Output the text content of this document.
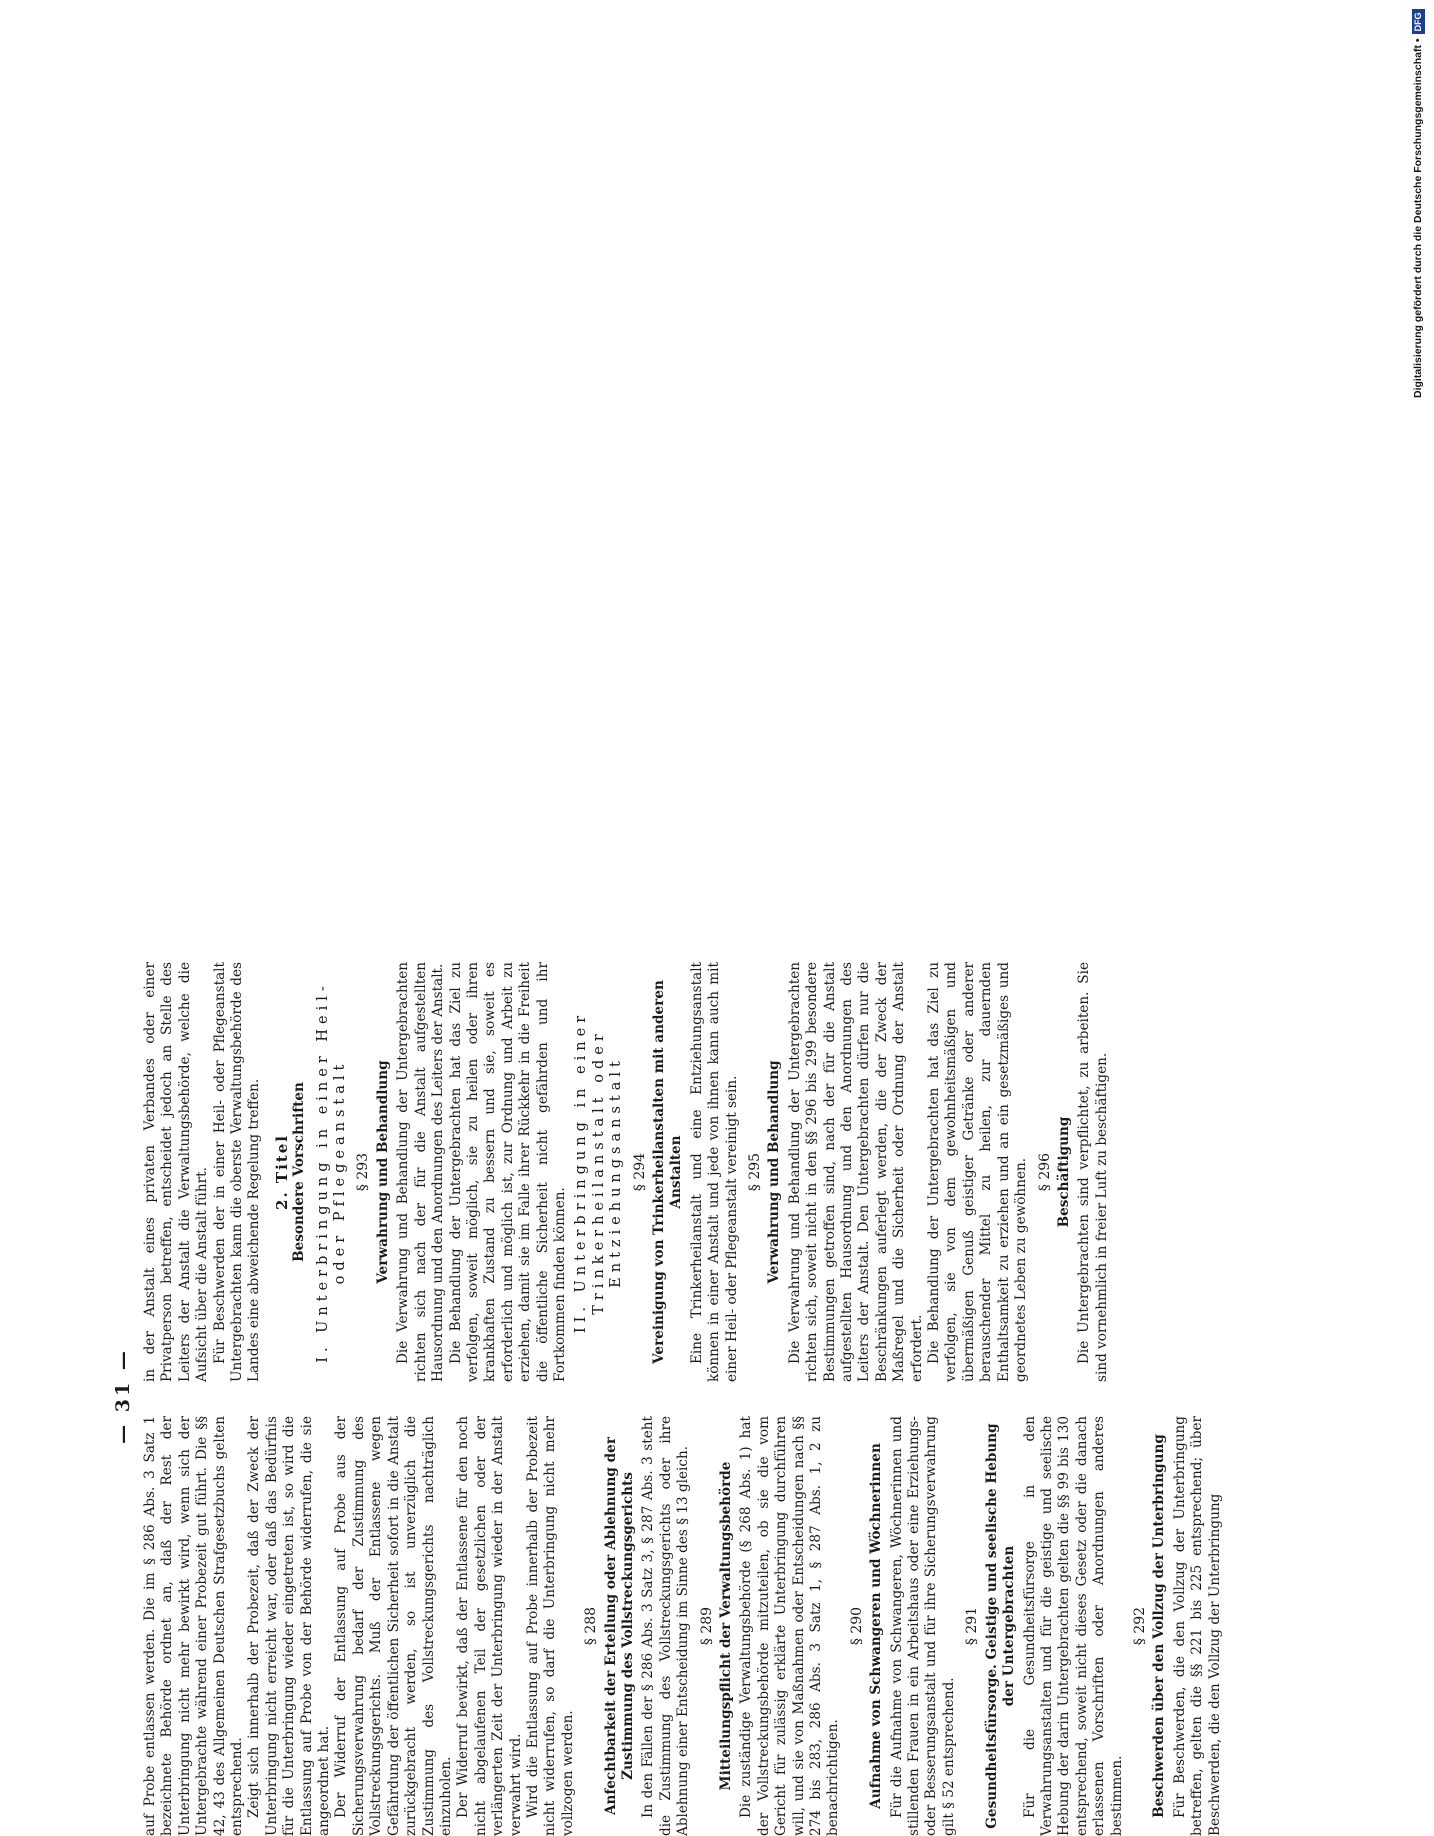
— 31 —

auf Probe entlassen werden. Die im § 286 Abs. 3 Satz 1 bezeichnete Behörde ordnet an, daß der Rest der Unterbringung nicht mehr bewirkt wird, wenn sich der Untergebrachte während einer Probezeit gut führt. Die §§ 42, 43 des Allgemeinen Deutschen Strafgesetzbuchs gelten entsprechend. Zeigt sich innerhalb der Probezeit, daß der Zweck der Unterbringung nicht erreicht war, oder daß das Bedürfnis für die Unterbringung wieder eingetreten ist, so wird die Entlassung auf Probe von der Behörde widerrufen, die sie angeordnet hat. Der Widerruf der Entlassung auf Probe aus der Sicherungsverwahrung bedarf der Zustimmung des Vollstreckungsgerichts. Muß der Entlassene wegen Gefährdung der öffentlichen Sicherheit sofort in die Anstalt zurückgebracht werden, so ist unverzüglich die Zustimmung des Vollstreckungsgerichts nachträglich einzuholen. Der Widerruf bewirkt, daß der Entlassene für den noch nicht abgelaufenen Teil der gesetzlichen oder der verlängerten Zeit der Unterbringung wieder in der Anstalt verwahrt wird. Wird die Entlassung auf Probe innerhalb der Probezeit nicht widerrufen, so darf die Unterbringung nicht mehr vollzogen werden.

§ 288 Anfechtbarkeit der Erteilung oder Ablehnung der Zustimmung des Vollstreckungsgerichts In den Fällen der § 286 Abs. 3 Satz 3, § 287 Abs. 3 steht die Zustimmung des Vollstreckungsgerichts oder ihre Ablehnung einer Entscheidung im Sinne des § 13 gleich. § 289 Mitteilungspflicht der Verwaltungsbehörde Die zuständige Verwaltungsbehörde (§ 268 Abs. 1) hat der Vollstreckungsbehörde mitzuteilen, ob sie die vom Gericht für zulässig erklärte Unterbringung durchführen will, und sie von Maßnahmen oder Entscheidungen nach §§ 274 bis 283, 286 Abs. 3 Satz 1, § 287 Abs. 1, 2 zu benachrichtigen.

§ 290 Aufnahme von Schwangeren und Wöchnerinnen Für die Aufnahme von Schwangeren, Wöchnerinnen und stillenden Frauen in ein Arbeitshaus oder eine Erziehungs- oder Besserungsanstalt und für ihre Sicherungsverwahrung gilt § 52 entsprechend.

§ 291 Gesundheitsfürsorge. Geistige und seelische Hebung der Untergebrachten Für die Gesundheitsfürsorge in den Verwahrungsanstalten und für die geistige und seelische Hebung der darin Untergebrachten gelten die §§ 99 bis 130 entsprechend, soweit nicht dieses Gesetz oder die danach erlassenen Vorschriften oder Anordnungen anderes bestimmen.

§ 292 Beschwerden über den Vollzug der Unterbringung Für Beschwerden, die den Vollzug der Unterbringung betreffen, gelten die §§ 221 bis 225 entsprechend; über Beschwerden, die den Vollzug der Unterbringung

in der Anstalt eines privaten Verbandes oder einer Privatperson betreffen, entscheidet jedoch an Stelle des Leiters der Anstalt die Verwaltungsbehörde, welche die Aufsicht über die Anstalt führt. Für Beschwerden der in einer Heil- oder Pflegeanstalt Untergebrachten kann die oberste Verwaltungsbehörde des Landes eine abweichende Regelung treffen. 2. Titel Besondere Vorschriften I. Unterbringung in einer Heil- oder Pflegeanstalt § 293 Verwahrung und Behandlung Die Verwahrung und Behandlung der Untergebrachten richten sich nach der für die Anstalt aufgestellten Hausordnung und den Anordnungen des Leiters der Anstalt. Die Behandlung der Untergebrachten hat das Ziel zu verfolgen, soweit möglich, sie zu heilen oder ihren krankhaften Zustand zu bessern und sie, soweit es erforderlich und möglich ist, zur Ordnung und Arbeit zu erziehen, damit sie im Falle ihrer Rückkehr in die Freiheit die öffentliche Sicherheit nicht gefährden und ihr Fortkommen finden können. II. Unterbringung in einer Trinkerheilanstalt oder Entziehungsanstalt § 294 Vereinigung von Trinkerheilanstalten mit anderen Anstalten Eine Trinkerheilanstalt und eine Entziehungsanstalt können in einer Anstalt und jede von ihnen kann auch mit einer Heil- oder Pflegeanstalt vereinigt sein. § 295 Verwahrung und Behandlung Die Verwahrung und Behandlung der Untergebrachten richten sich, soweit nicht in den §§ 296 bis 299 besondere Bestimmungen getroffen sind, nach der für die Anstalt aufgestellten Hausordnung und den Anordnungen des Leiters der Anstalt. Den Untergebrachten dürfen nur die Beschränkungen auferlegt werden, die der Zweck der Maßregel und die Sicherheit oder Ordnung der Anstalt erfordert. Die Behandlung der Untergebrachten hat das Ziel zu verfolgen, sie von dem gewohnheitsmäßigen und übermäßigen Genuß geistiger Getränke oder anderer berauschender Mittel zu heilen, zur dauernden Enthaltsamkeit zu erziehen und an ein gesetzmäßiges und geordnetes Leben zu gewöhnen. § 296 Beschäftigung Die Untergebrachten sind verpflichtet, zu arbeiten. Sie sind vornehmlich in freier Luft zu beschäftigen.

Digitalisierung gefördert durch die Deutsche Forschungsgemeinschaft •DFG
